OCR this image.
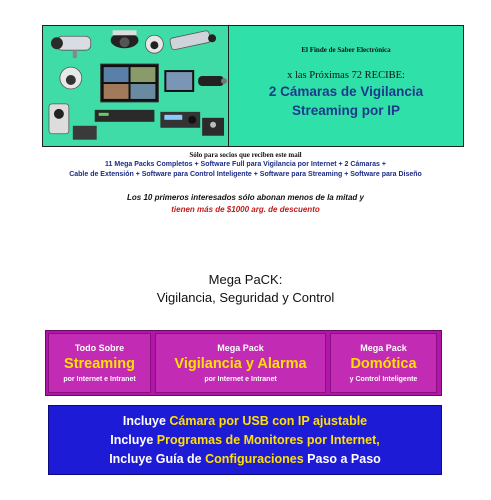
El Finde de Saber Electrónica
x las Próximas 72 RECIBE:
2 Cámaras de Vigilancia
Streaming por IP
Sólo para socios que reciben este mail
11 Mega Packs Completos + Software Full para Vigilancia por Internet + 2 Cámaras +
Cable de Extensión + Software para Control Inteligente + Software para Streaming + Software para Diseño
Los 10 primeros interesados sólo abonan menos de la mitad y
tienen más de $1000 arg. de descuento
Mega PaCK:
Vigilancia, Seguridad y Control
Todo Sobre
Streaming
por Internet e Intranet
Mega Pack
Vigilancia y Alarma
por Internet e Intranet
Mega Pack
Domótica
y Control Inteligente
Incluye Cámara por USB con IP ajustable
Incluye Programas de Monitores por Internet,
Incluye Guía de Configuraciones Paso a Paso
